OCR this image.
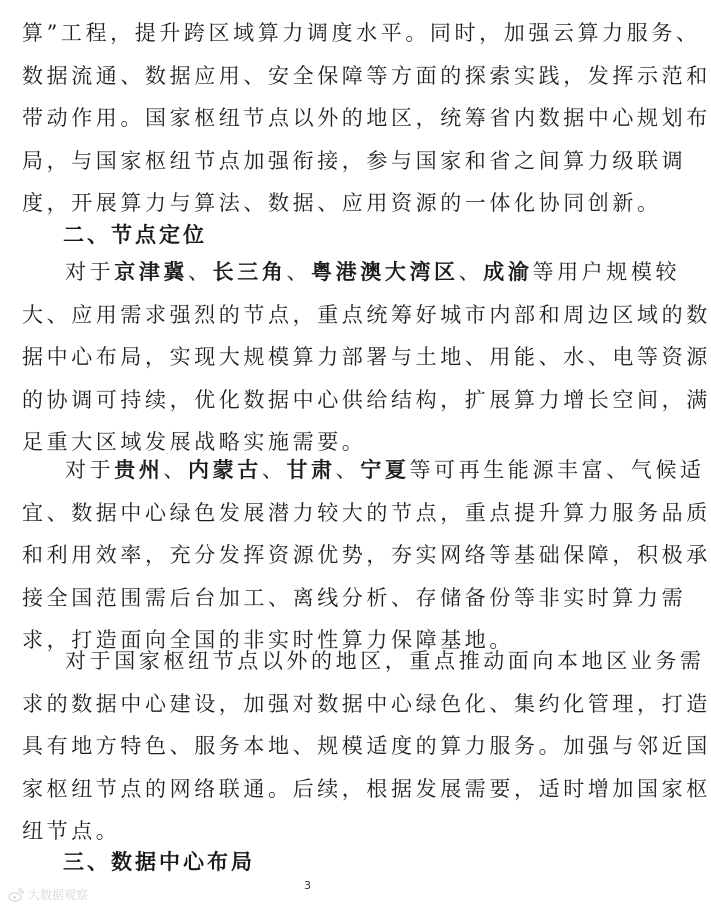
算”工程，提升跨区域算力调度水平。同时，加强云算力服务、
数据流通、数据应用、安全保障等方面的探索实践，发挥示范和
带动作用。国家枢纽节点以外的地区，统筹省内数据中心规划布
局，与国家枢纽节点加强衔接，参与国家和省之间算力级联调
度，开展算力与算法、数据、应用资源的一体化协同创新。
二、节点定位
对于京津冀、长三角、粤港澳大湾区、成渝等用户规模较
大、应用需求强烈的节点，重点统筹好城市内部和周边区域的数
据中心布局，实现大规模算力部署与土地、用能、水、电等资源
的协调可持续，优化数据中心供给结构，扩展算力增长空间，满
足重大区域发展战略实施需要。
对于贵州、内蒙古、甘肃、宁夏等可再生能源丰富、气候适
宜、数据中心绿色发展潜力较大的节点，重点提升算力服务品质
和利用效率，充分发挥资源优势，夯实网络等基础保障，积极承
接全国范围需后台加工、离线分析、存储备份等非实时算力需
求，打造面向全国的非实时性算力保障基地。
对于国家枢纽节点以外的地区，重点推动面向本地区业务需
求的数据中心建设，加强对数据中心绿色化、集约化管理，打造
具有地方特色、服务本地、规模适度的算力服务。加强与邻近国
家枢纽节点的网络联通。后续，根据发展需要，适时增加国家枢
纽节点。
三、数据中心布局
3
大数据观察
